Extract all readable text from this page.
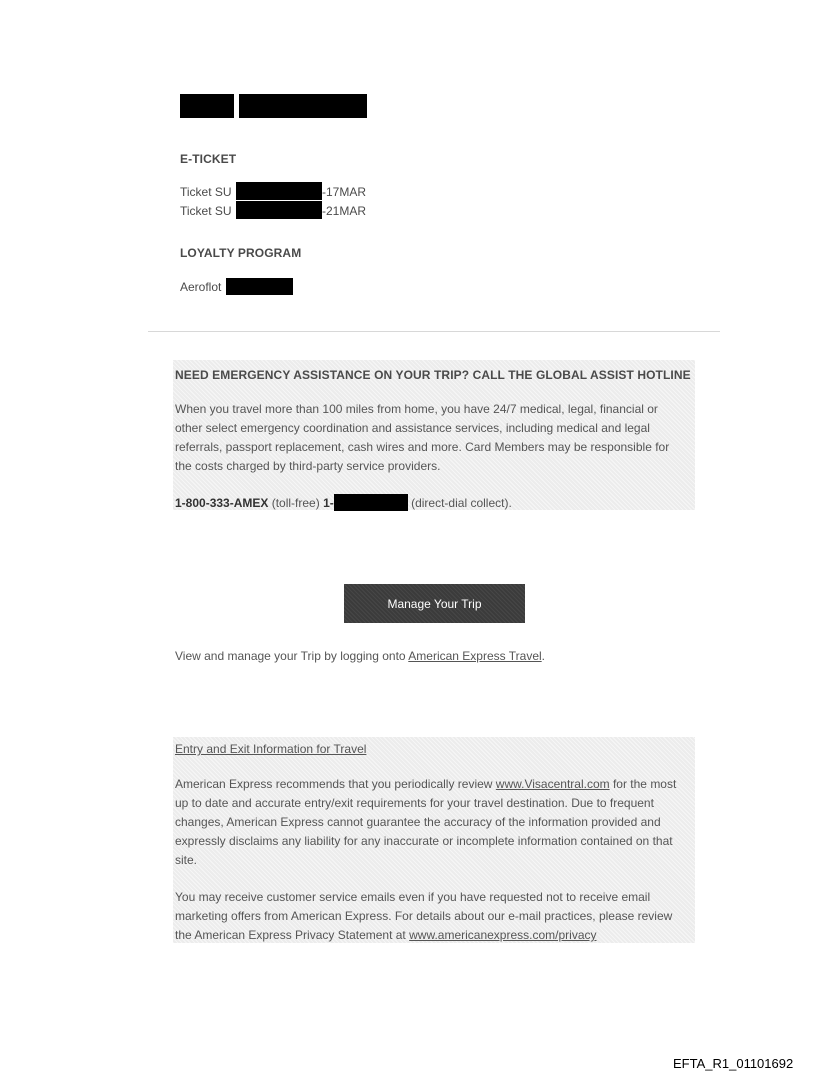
E-TICKET
Ticket SU	-17MAR
Ticket SU	-21MAR
LOYALTY PROGRAM
Aeroflot
NEED EMERGENCY ASSISTANCE ON YOUR TRIP? CALL THE GLOBAL ASSIST HOTLINE

When you travel more than 100 miles from home, you have 24/7 medical, legal, financial or other select emergency coordination and assistance services, including medical and legal referrals, passport replacement, cash wires and more. Card Members may be responsible for the costs charged by third-party service providers.

1-800-333-AMEX (toll-free) 1-	(direct-dial collect).
Manage Your Trip
View and manage your Trip by logging onto American Express Travel.
Entry and Exit Information for Travel

American Express recommends that you periodically review www.Visacentral.com for the most up to date and accurate entry/exit requirements for your travel destination. Due to frequent changes, American Express cannot guarantee the accuracy of the information provided and expressly disclaims any liability for any inaccurate or incomplete information contained on that site.

You may receive customer service emails even if you have requested not to receive email marketing offers from American Express. For details about our e-mail practices, please review the American Express Privacy Statement at www.americanexpress.com/privacy

EFTA_R1_01101692
